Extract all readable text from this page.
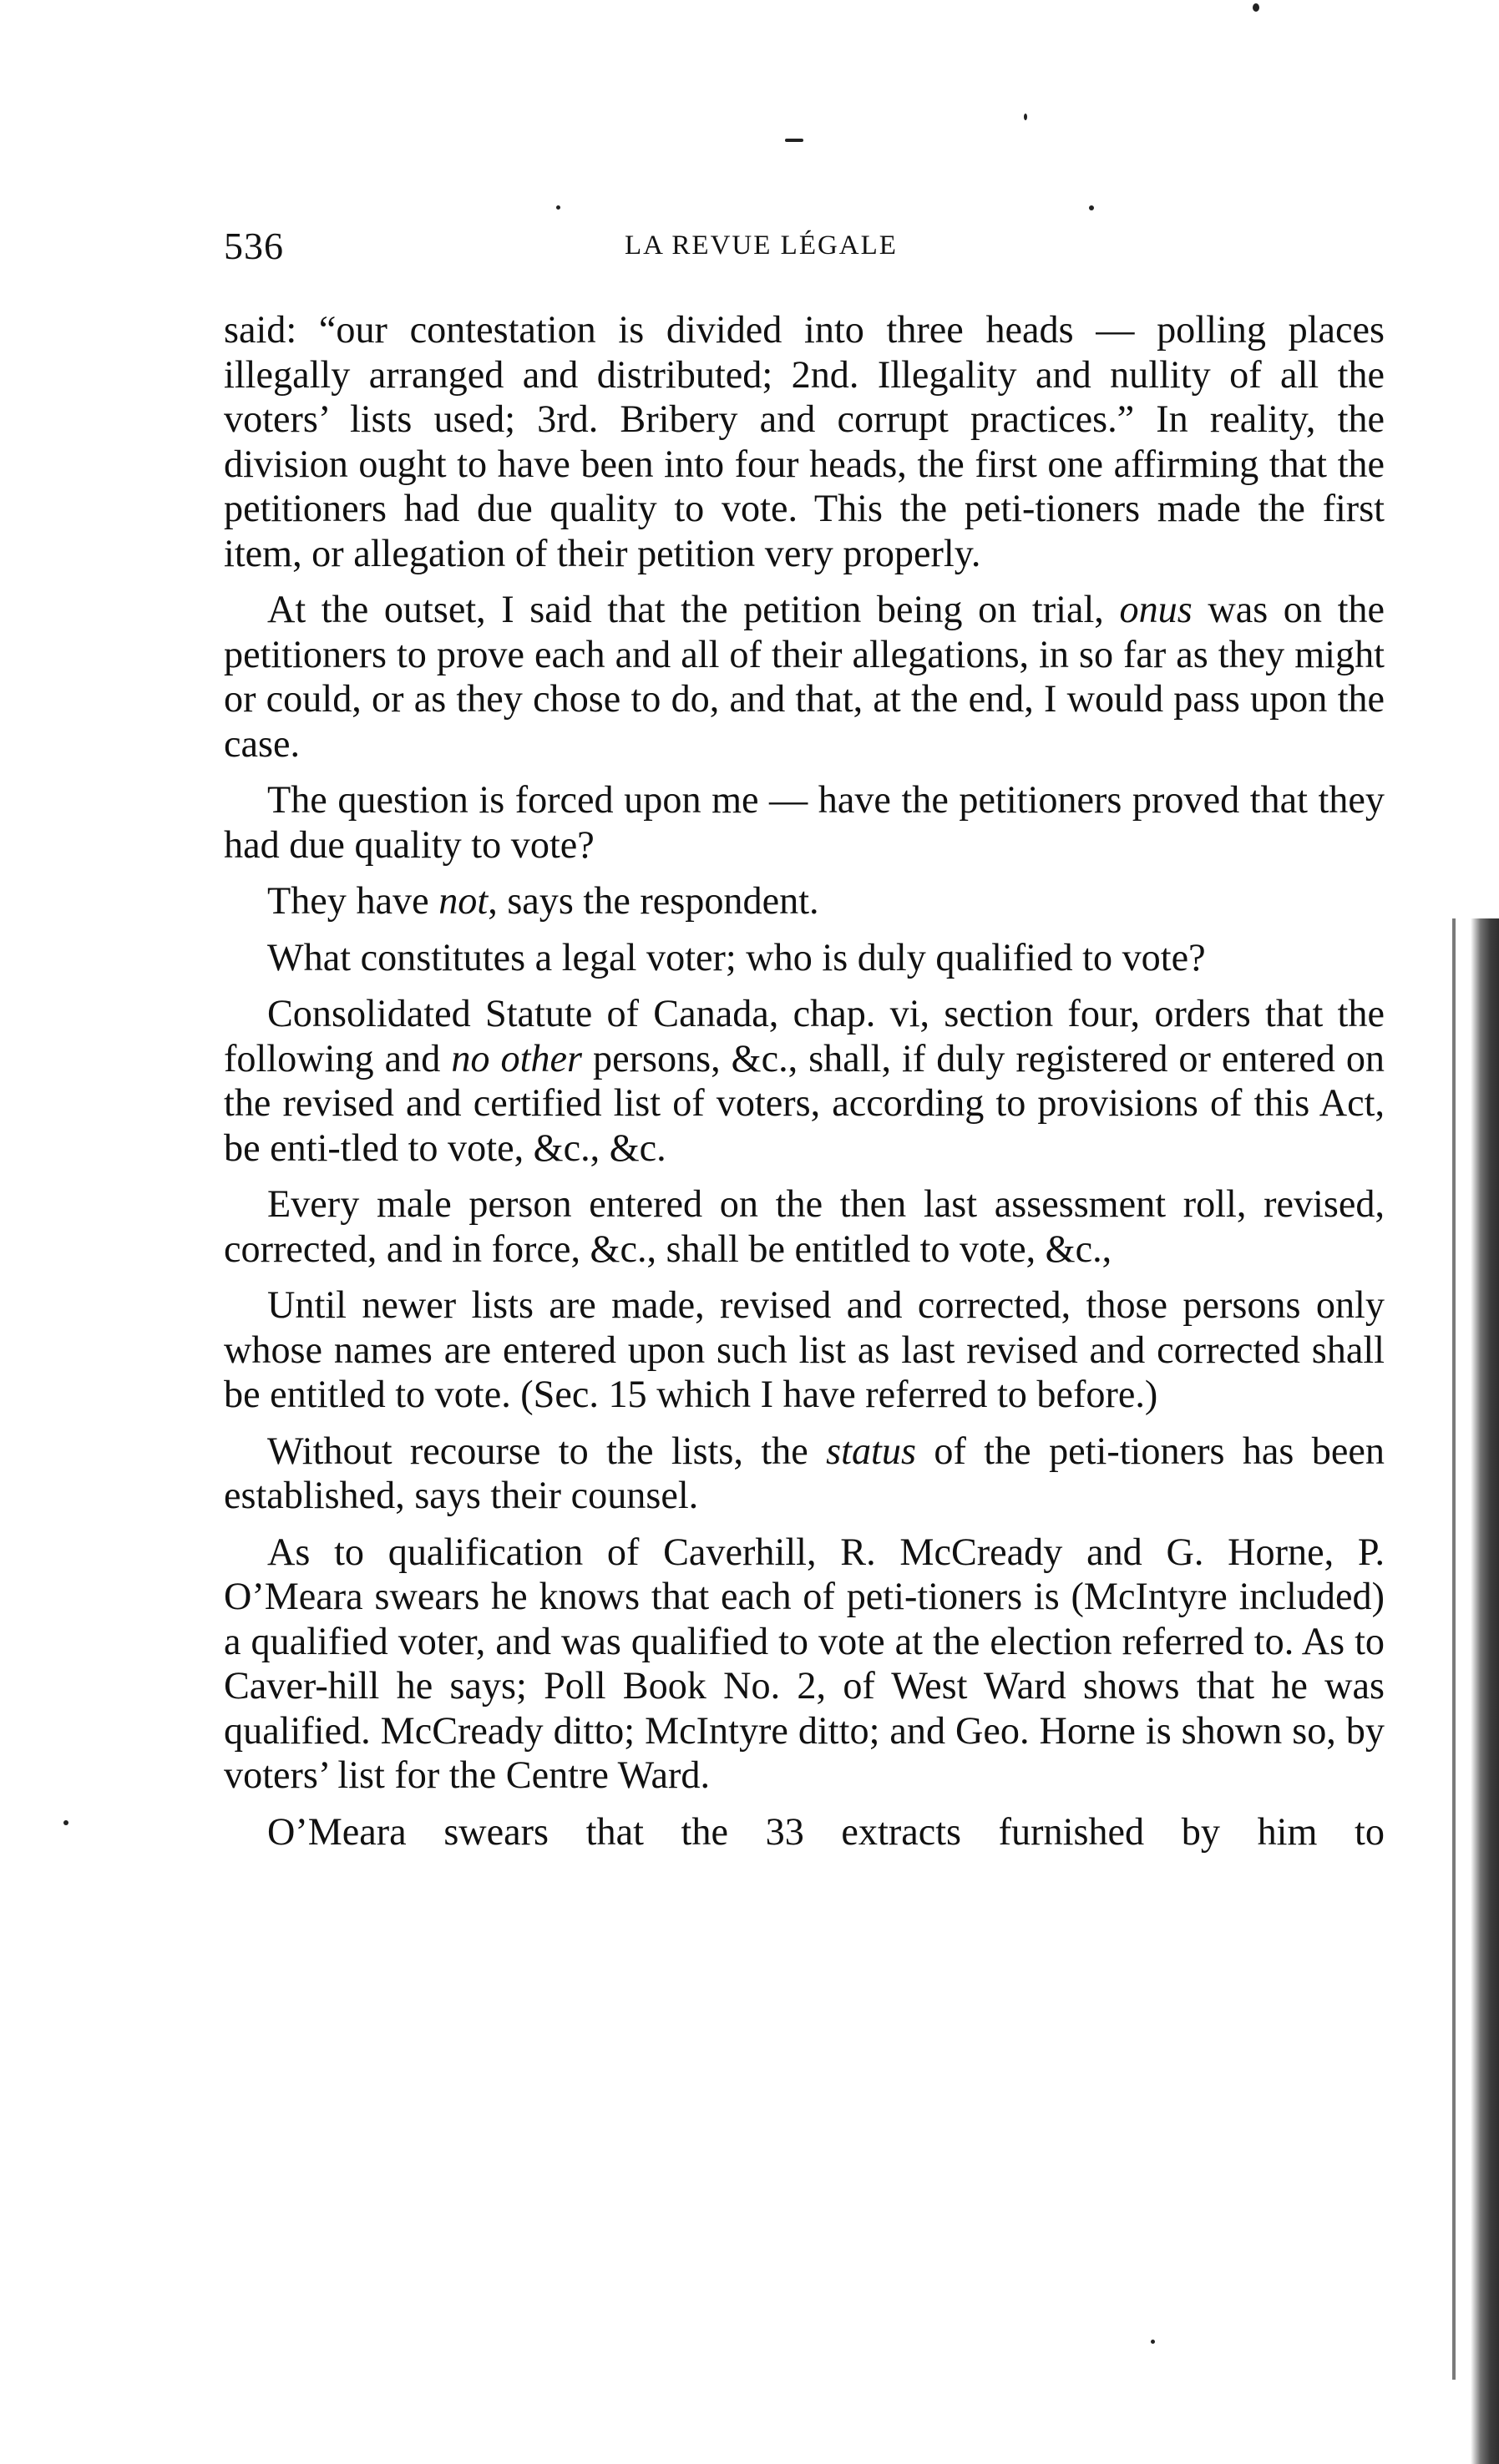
536	LA REVUE LÉGALE

said: “our contestation is divided into three heads — polling places illegally arranged and distributed; 2nd. Illegality and nullity of all the voters’ lists used; 3rd. Bribery and corrupt practices.” In reality, the division ought to have been into four heads, the first one affirming that the petitioners had due quality to vote. This the peti-tioners made the first item, or allegation of their petition very properly.

At the outset, I said that the petition being on trial, onus was on the petitioners to prove each and all of their allegations, in so far as they might or could, or as they chose to do, and that, at the end, I would pass upon the case.

The question is forced upon me — have the petitioners proved that they had due quality to vote?

They have not, says the respondent.

What constitutes a legal voter; who is duly qualified to vote?

Consolidated Statute of Canada, chap. vi, section four, orders that the following and no other persons, &c., shall, if duly registered or entered on the revised and certified list of voters, according to provisions of this Act, be enti-tled to vote, &c., &c.

Every male person entered on the then last assessment roll, revised, corrected, and in force, &c., shall be entitled to vote, &c.,

Until newer lists are made, revised and corrected, those persons only whose names are entered upon such list as last revised and corrected shall be entitled to vote. (Sec. 15 which I have referred to before.)

Without recourse to the lists, the status of the peti-tioners has been established, says their counsel.

As to qualification of Caverhill, R. McCready and G. Horne, P. O’Meara swears he knows that each of peti-tioners is (McIntyre included) a qualified voter, and was qualified to vote at the election referred to. As to Caver-hill he says; Poll Book No. 2, of West Ward shows that he was qualified. McCready ditto; McIntyre ditto; and Geo. Horne is shown so, by voters’ list for the Centre Ward.

O’Meara swears that the 33 extracts furnished by him to
